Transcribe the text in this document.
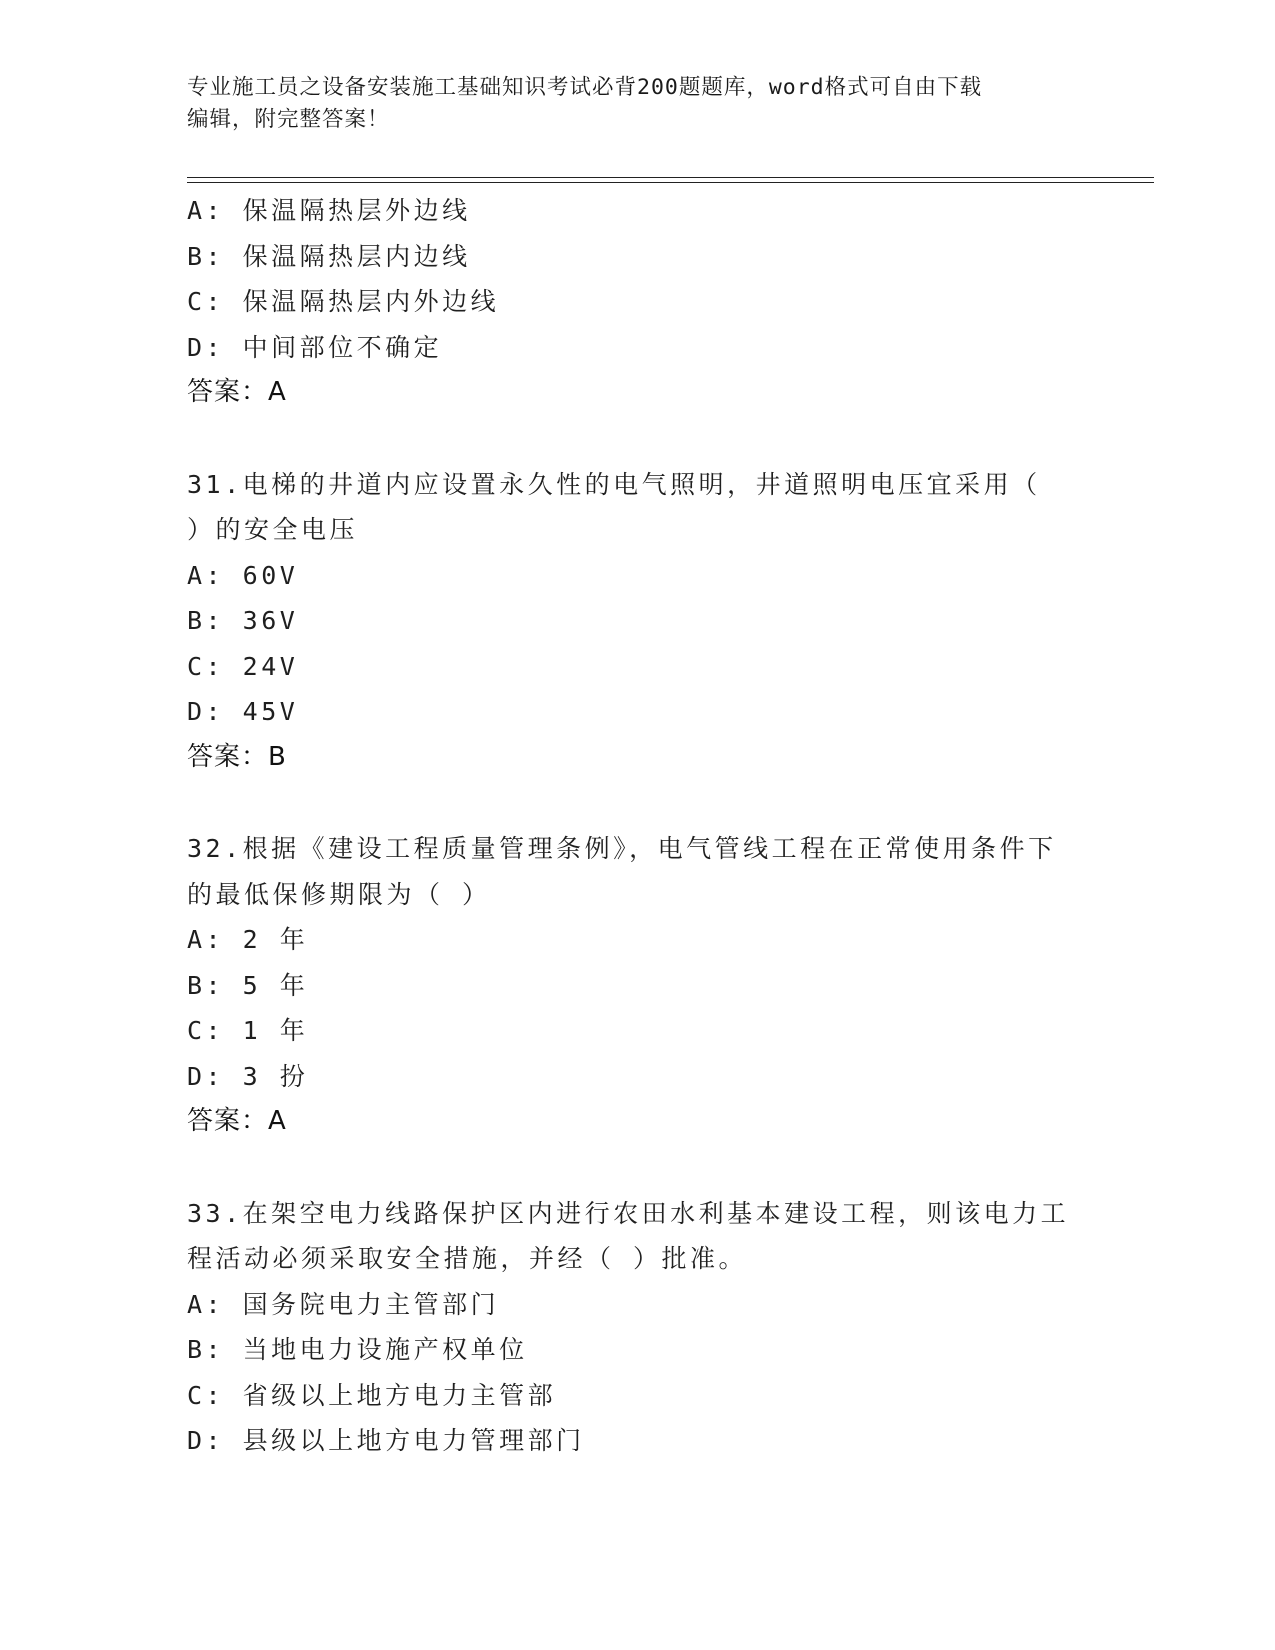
专业施工员之设备安装施工基础知识考试必背200题题库，word格式可自由下载
编辑，附完整答案！
A: 保温隔热层外边线
B: 保温隔热层内边线
C: 保温隔热层内外边线
D: 中间部位不确定
答案：A
31.电梯的井道内应设置永久性的电气照明，井道照明电压宜采用（
）的安全电压
A: 60V
B: 36V
C: 24V
D: 45V
答案：B
32.根据《建设工程质量管理条例》，电气管线工程在正常使用条件下
的最低保修期限为（ ）
A: 2 年
B: 5 年
C: 1 年
D: 3 扮
答案：A
33.在架空电力线路保护区内进行农田水利基本建设工程，则该电力工
程活动必须采取安全措施，并经（ ）批准。
A: 国务院电力主管部门
B: 当地电力设施产权单位
C: 省级以上地方电力主管部
D: 县级以上地方电力管理部门
